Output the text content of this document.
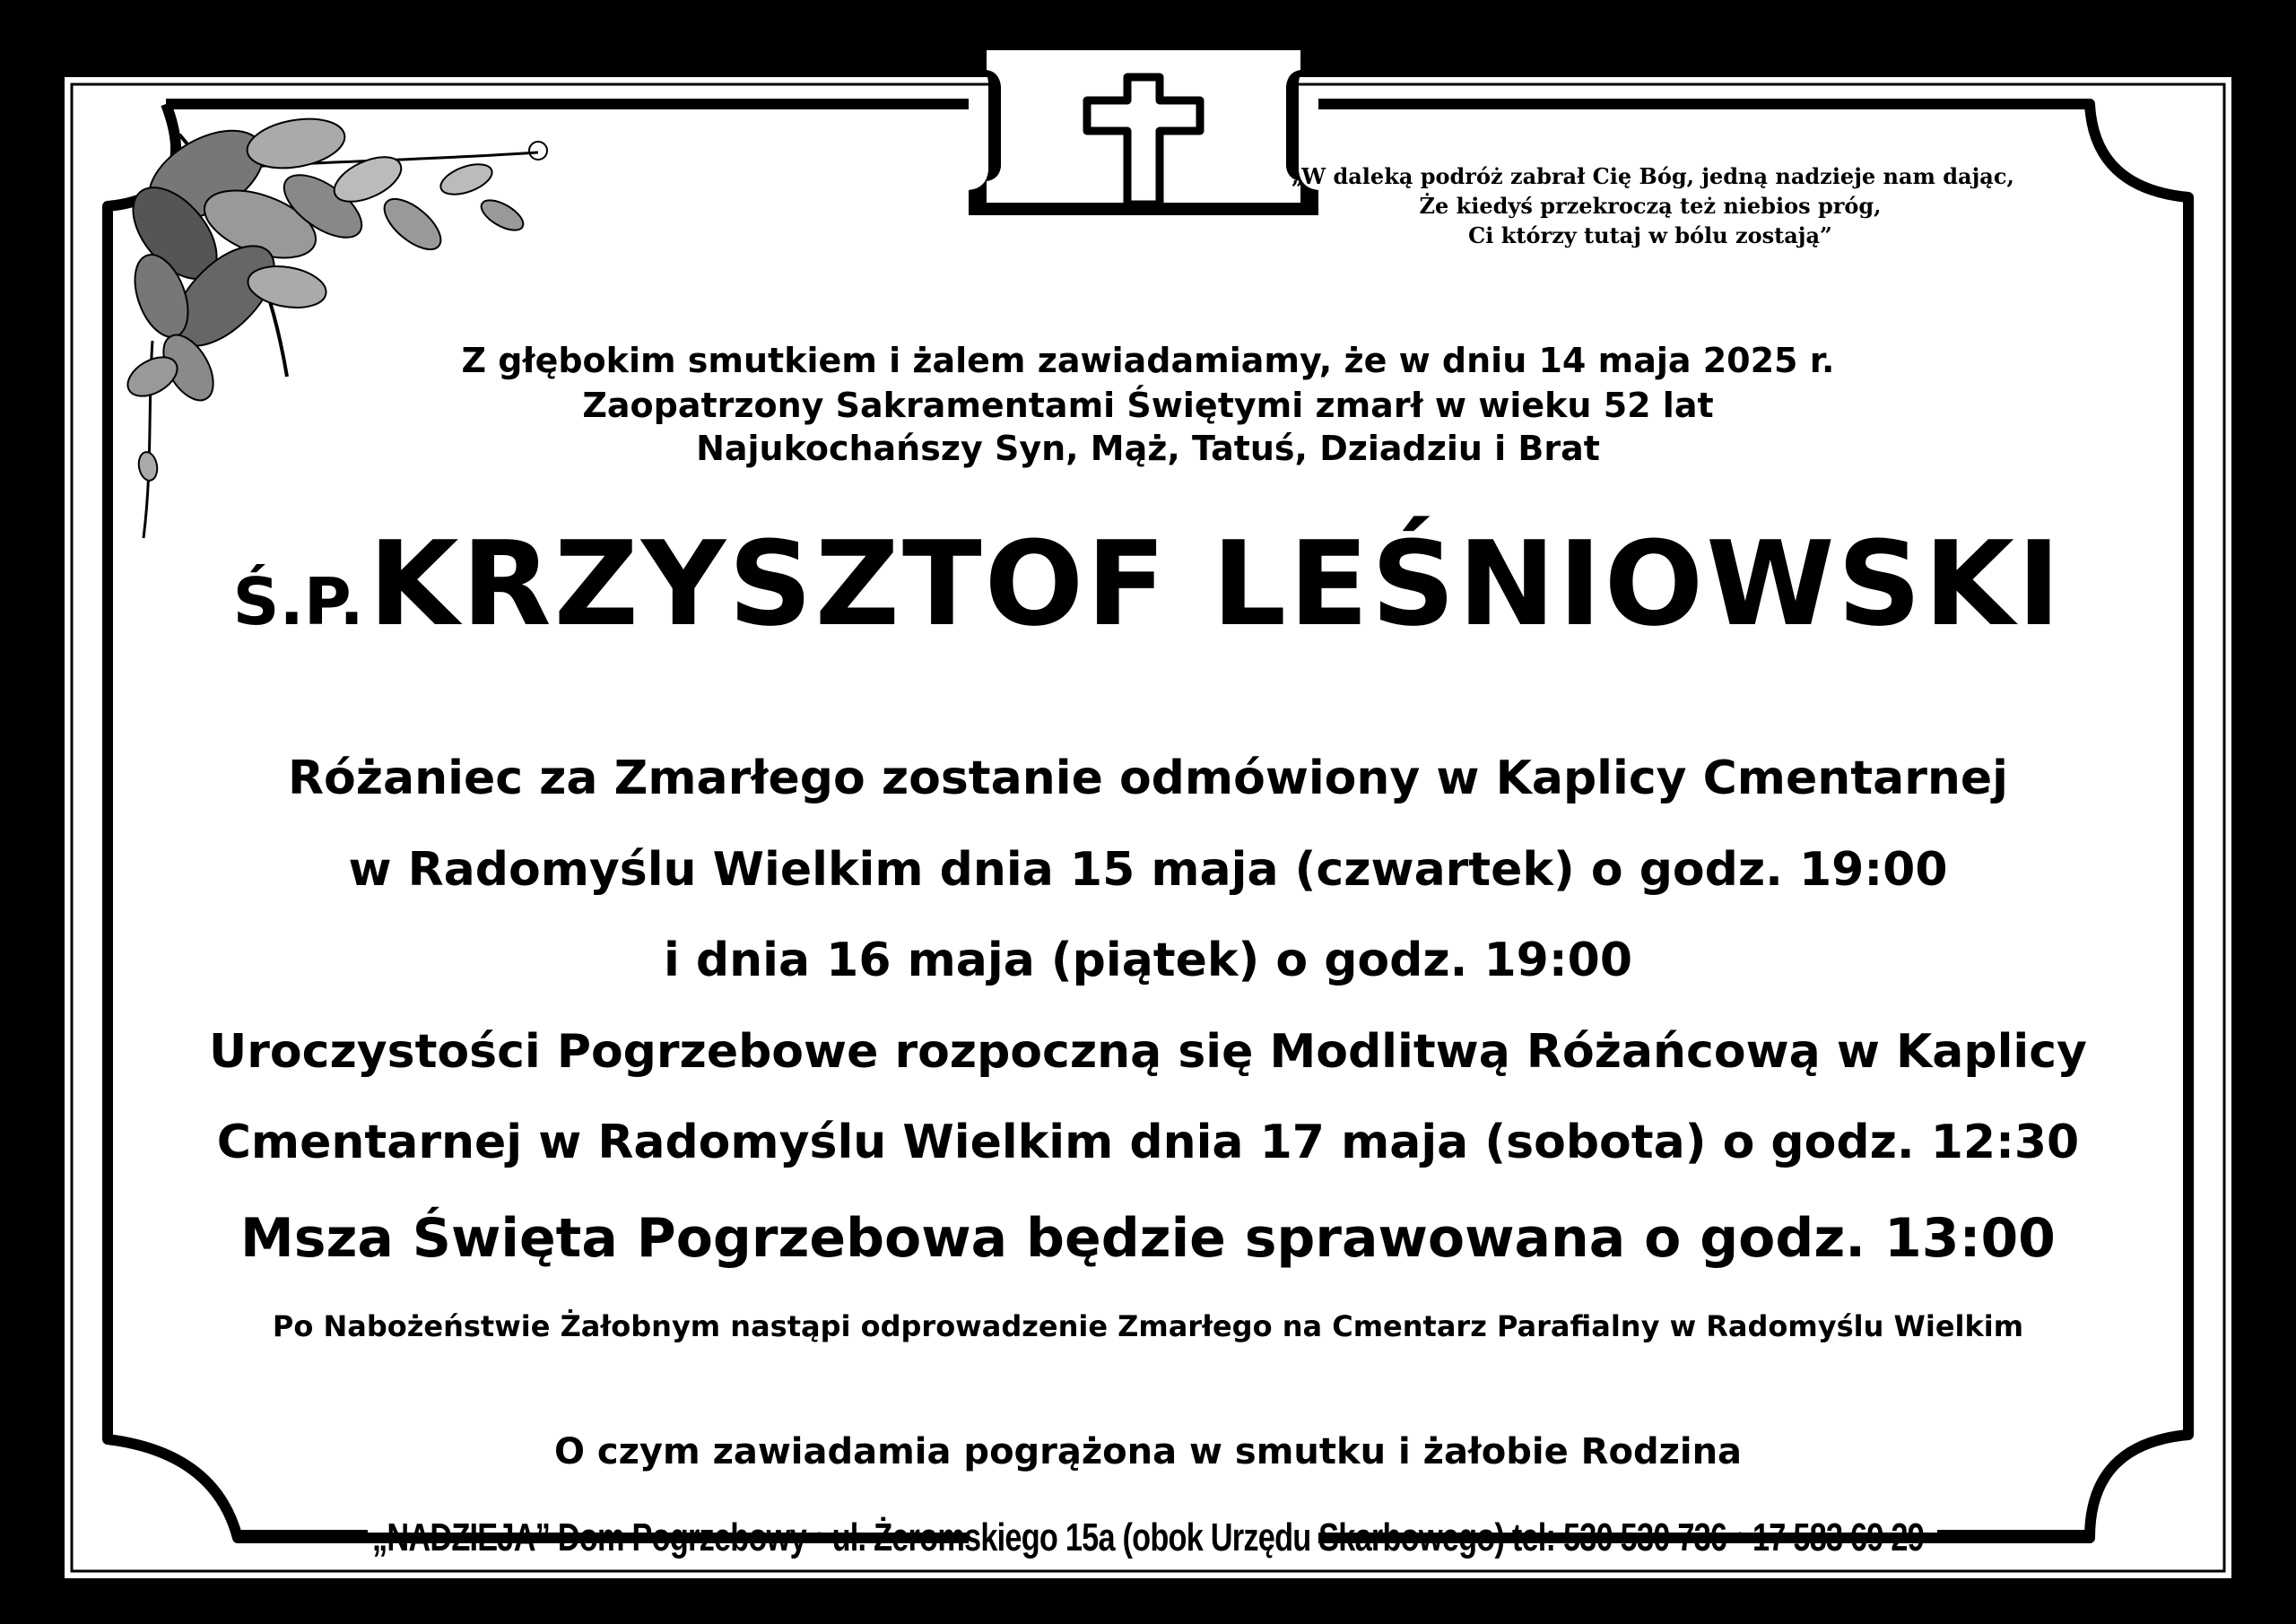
„W daleką podróż zabrał Cię Bóg, jedną nadzieje nam dając,
Że kiedyś przekroczą też niebios próg,
Ci którzy tutaj w bólu zostają”

Z głębokim smutkiem i żalem zawiadamiamy, że w dniu 14 maja 2025 r.

Zaopatrzony Sakramentami Świętymi zmarł w wieku 52 lat

Najukochańszy Syn, Mąż, Tatuś, Dziadziu i Brat

Ś.P. KRZYSZTOF LEŚNIOWSKI

Różaniec za Zmarłego zostanie odmówiony w Kaplicy Cmentarnej

w Radomyślu Wielkim dnia 15 maja (czwartek) o godz. 19:00

i dnia 16 maja (piątek) o godz. 19:00

Uroczystości Pogrzebowe rozpoczną się Modlitwą Różańcową w Kaplicy

Cmentarnej w Radomyślu Wielkim dnia 17 maja (sobota) o godz. 12:30

Msza Święta Pogrzebowa będzie sprawowana o godz. 13:00

Po Nabożeństwie Żałobnym nastąpi odprowadzenie Zmarłego na Cmentarz Parafialny w Radomyślu Wielkim

O czym zawiadamia pogrążona w smutku i żałobie Rodzina

„NADZIEJA” Dom Pogrzebowy • ul. Żeromskiego 15a (obok Urzędu Skarbowego) tel: 530 530 736 • 17 583 69 29
